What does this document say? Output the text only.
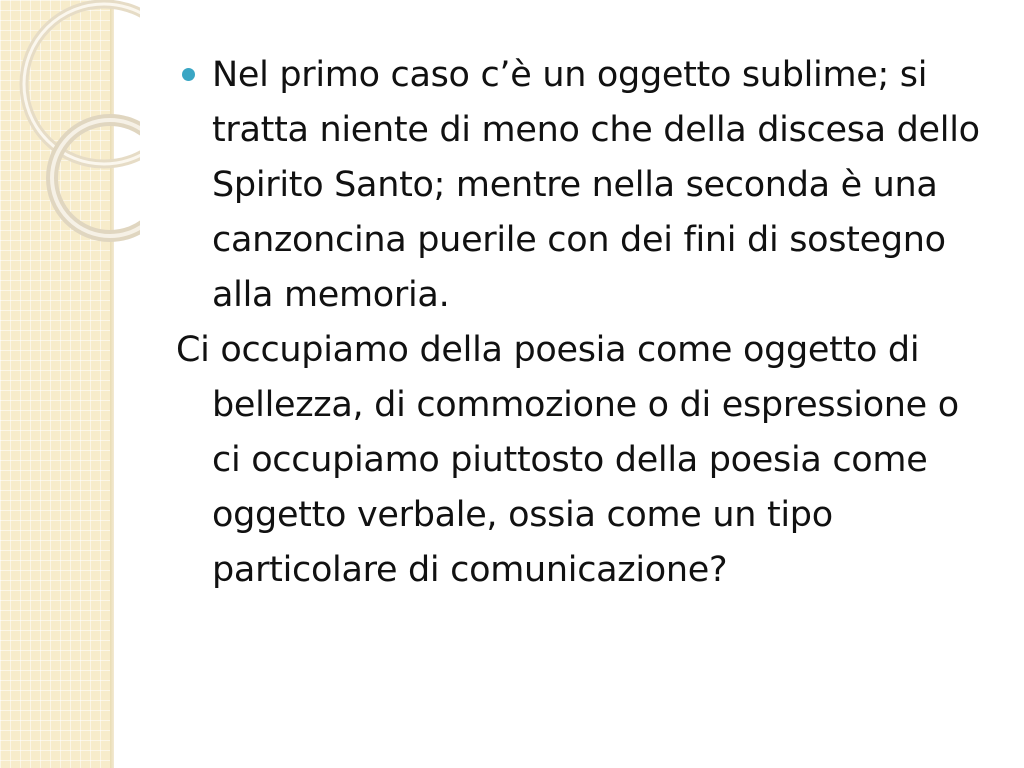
Nel primo caso c’è un oggetto sublime; si tratta niente di meno che della discesa dello Spirito Santo; mentre nella seconda è una canzoncina puerile con dei fini di sostegno alla memoria.

Ci occupiamo della poesia come oggetto di bellezza, di commozione o di espressione o ci occupiamo piuttosto della poesia come oggetto verbale, ossia come un tipo particolare di comunicazione?
